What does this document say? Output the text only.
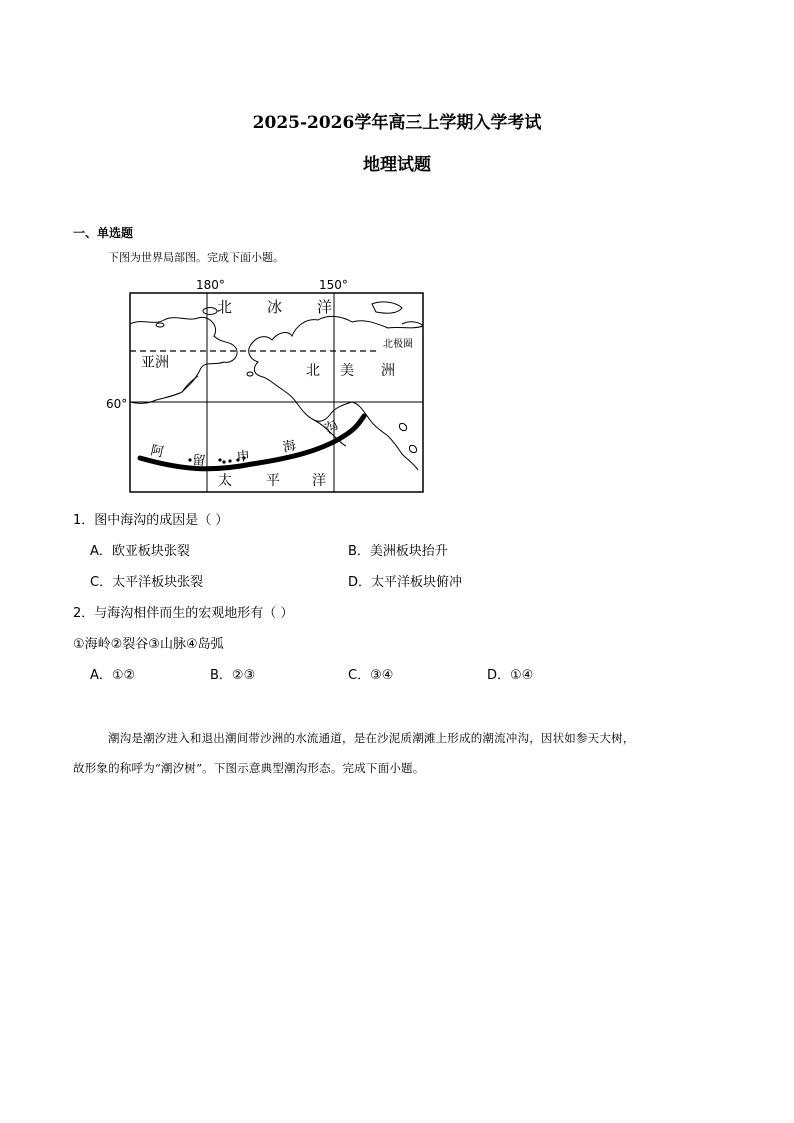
2025-2026学年高三上学期入学考试
地理试题
一、单选题
下图为世界局部图。完成下面小题。
180°	150°
60°
北 冰 洋
北极圈
亚洲	北 美 洲
阿
留 申
海
沟
太 平 洋
1．图中海沟的成因是（ ）
A．欧亚板块张裂	B．美洲板块抬升
C．太平洋板块张裂	D．太平洋板块俯冲
2．与海沟相伴而生的宏观地形有（ ）
①海岭②裂谷③山脉④岛弧
A．①②	B．②③	C．③④	D．①④
潮沟是潮汐进入和退出潮间带沙洲的水流通道，是在沙泥质潮滩上形成的潮流冲沟，因状如参天大树，
故形象的称呼为“潮汐树”。下图示意典型潮沟形态。完成下面小题。
